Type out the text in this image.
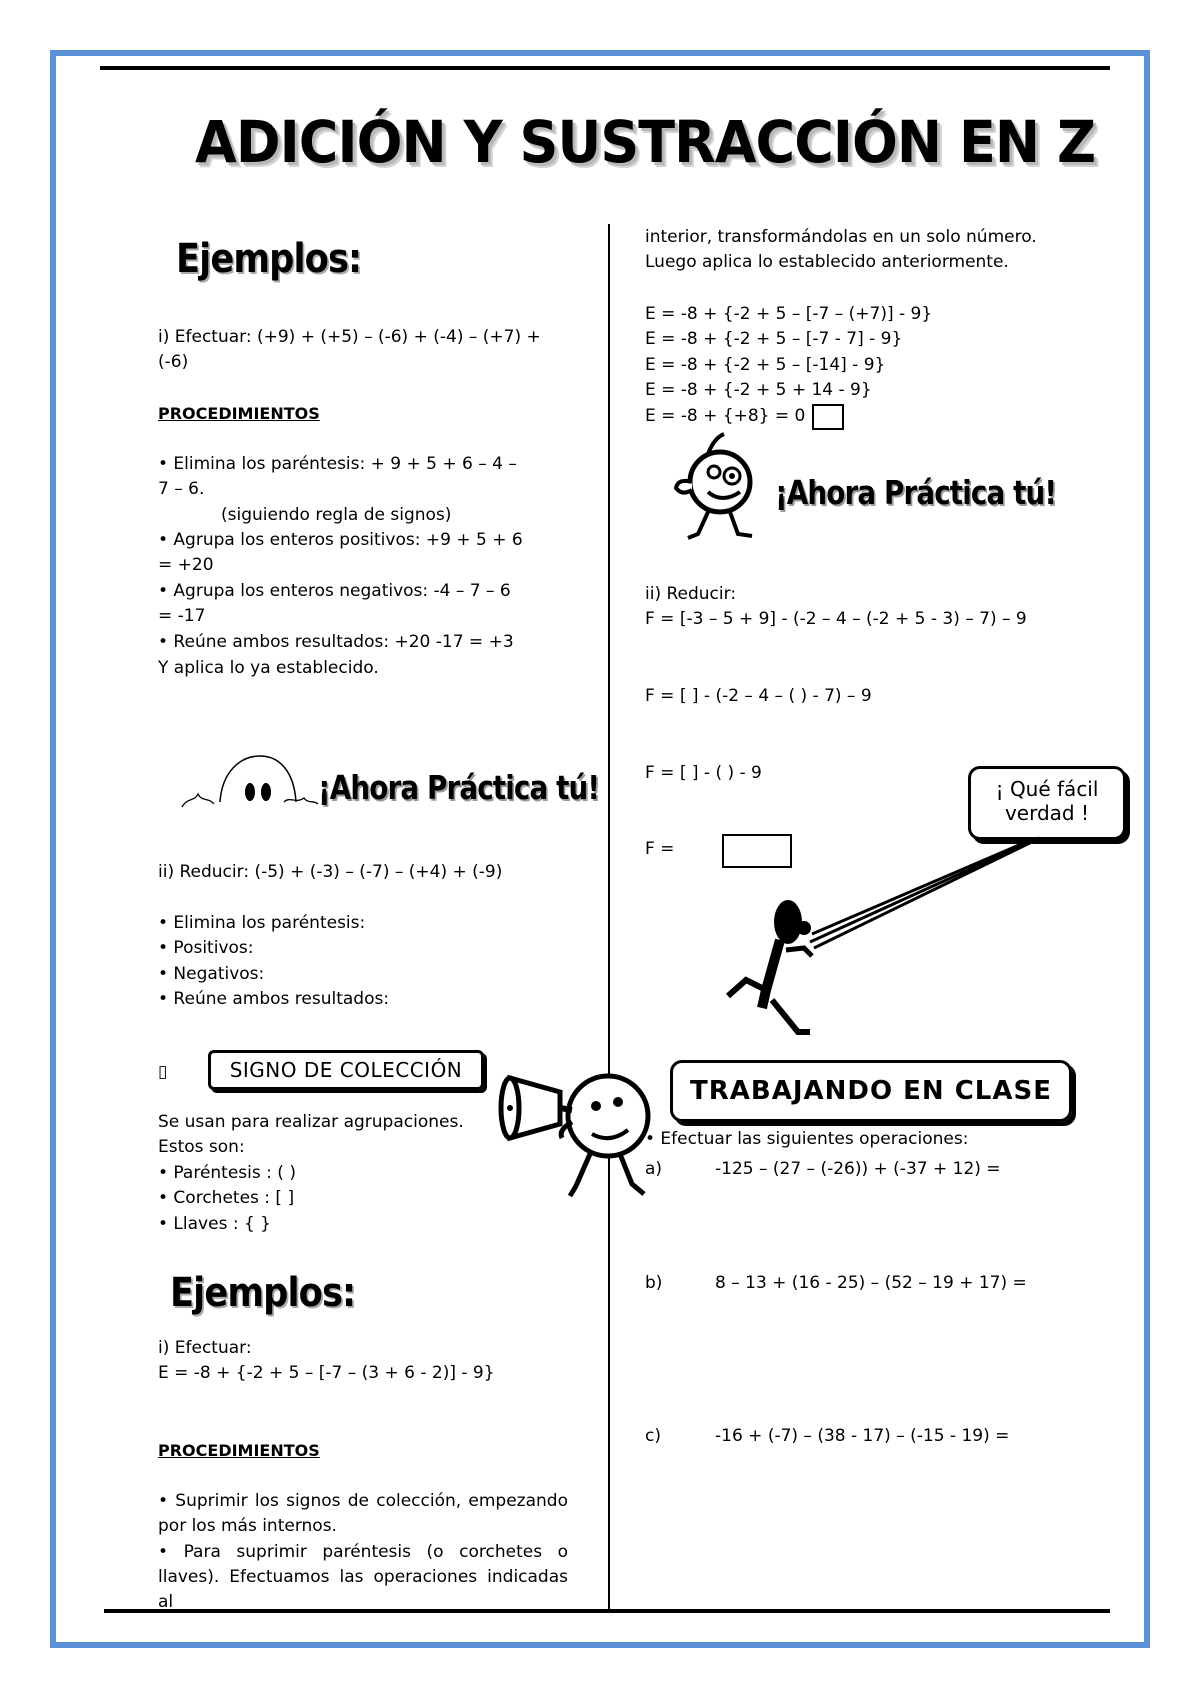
ADICIÓN Y SUSTRACCIÓN EN Z
Ejemplos:
i) Efectuar: (+9) + (+5) – (-6) + (-4) – (+7) +
(-6)
PROCEDIMIENTOS
• Elimina los paréntesis: + 9 + 5 + 6 – 4 –
7 – 6.
(siguiendo regla de signos)
• Agrupa los enteros positivos: +9 + 5 + 6
= +20
• Agrupa los enteros negativos: -4 – 7 – 6
= -17
• Reúne ambos resultados: +20 -17 = +3
Y aplica lo ya establecido.
¡Ahora Práctica tú!
ii) Reducir: (-5) + (-3) – (-7) – (+4) + (-9)
• Elimina los paréntesis:
• Positivos:
• Negativos:
• Reúne ambos resultados:
▯	SIGNO DE COLECCIÓN
Se usan para realizar agrupaciones.
Estos son:
• Paréntesis : ( )
• Corchetes : [ ]
• Llaves : { }
Ejemplos:
i) Efectuar:
E = -8 + {-2 + 5 – [-7 – (3 + 6 - 2)] - 9}
PROCEDIMIENTOS
• Suprimir los signos de colección, empezando por los más internos.
• Para suprimir paréntesis (o corchetes o llaves). Efectuamos las operaciones indicadas al
interior, transformándolas en un solo número.
Luego aplica lo establecido anteriormente.
E = -8 + {-2 + 5 – [-7 – (+7)] - 9}
E = -8 + {-2 + 5 – [-7 - 7] - 9}
E = -8 + {-2 + 5 – [-14] - 9}
E = -8 + {-2 + 5 + 14 - 9}
E = -8 + {+8} = 0
¡Ahora Práctica tú!
ii) Reducir:
F = [-3 – 5 + 9] - (-2 – 4 – (-2 + 5 - 3) – 7) – 9
F = [ ] - (-2 – 4 – ( ) - 7) – 9
F = [ ] - ( ) - 9
F =
¡ Qué fácil
verdad !
TRABAJANDO EN CLASE
• Efectuar las siguientes operaciones:
a)	-125 – (27 – (-26)) + (-37 + 12) =
b)	8 – 13 + (16 - 25) – (52 – 19 + 17) =
c)	-16 + (-7) – (38 - 17) – (-15 - 19) =
